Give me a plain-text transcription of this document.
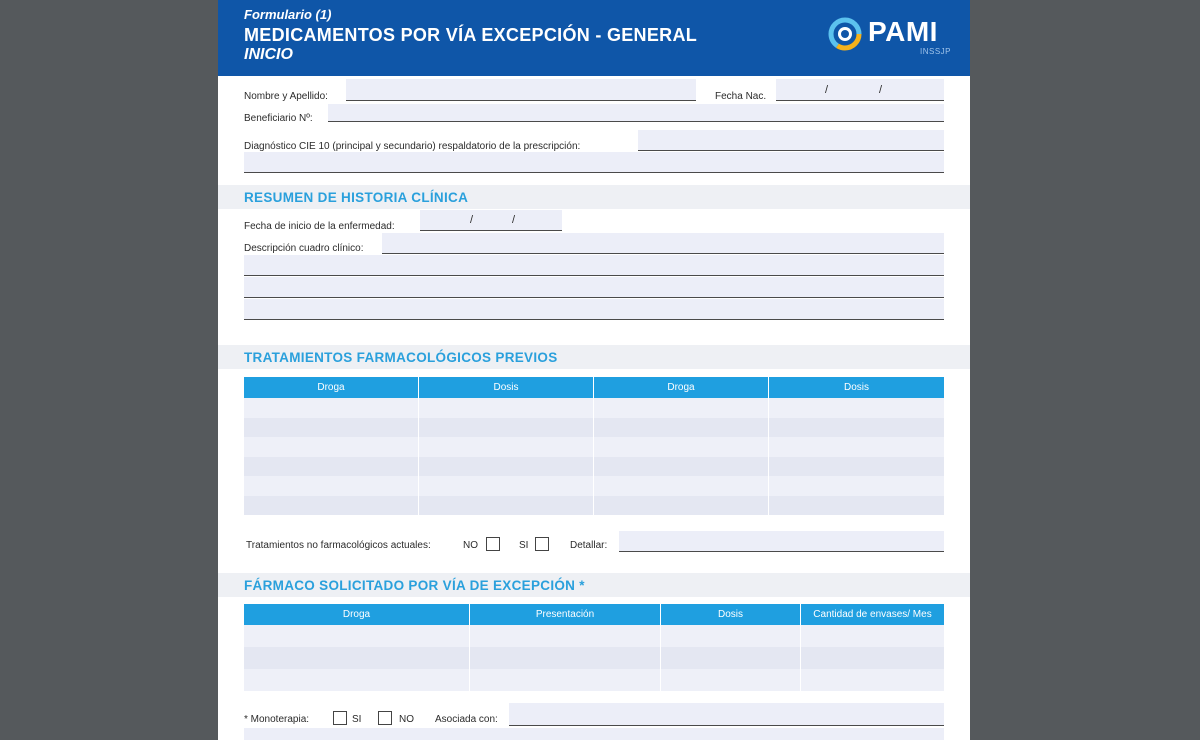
Formulario (1)
MEDICAMENTOS POR VÍA EXCEPCIÓN - GENERAL
INICIO
PAMI
INSSJP
Nombre y Apellido:	Fecha Nac.
/	/
Beneficiario Nº:
Diagnóstico CIE 10 (principal y secundario) respaldatorio de la prescripción:
RESUMEN DE HISTORIA CLÍNICA
Fecha de inicio de la enfermedad:
/	/
Descripción cuadro clínico:
TRATAMIENTOS FARMACOLÓGICOS PREVIOS
Droga	Dosis	Droga	Dosis
Tratamientos no farmacológicos actuales:	NO	SI	Detallar:
FÁRMACO SOLICITADO POR VÍA DE EXCEPCIÓN *
Droga	Presentación	Dosis	Cantidad de envases/ Mes
* Monoterapia:	SI	NO Asociada con:
